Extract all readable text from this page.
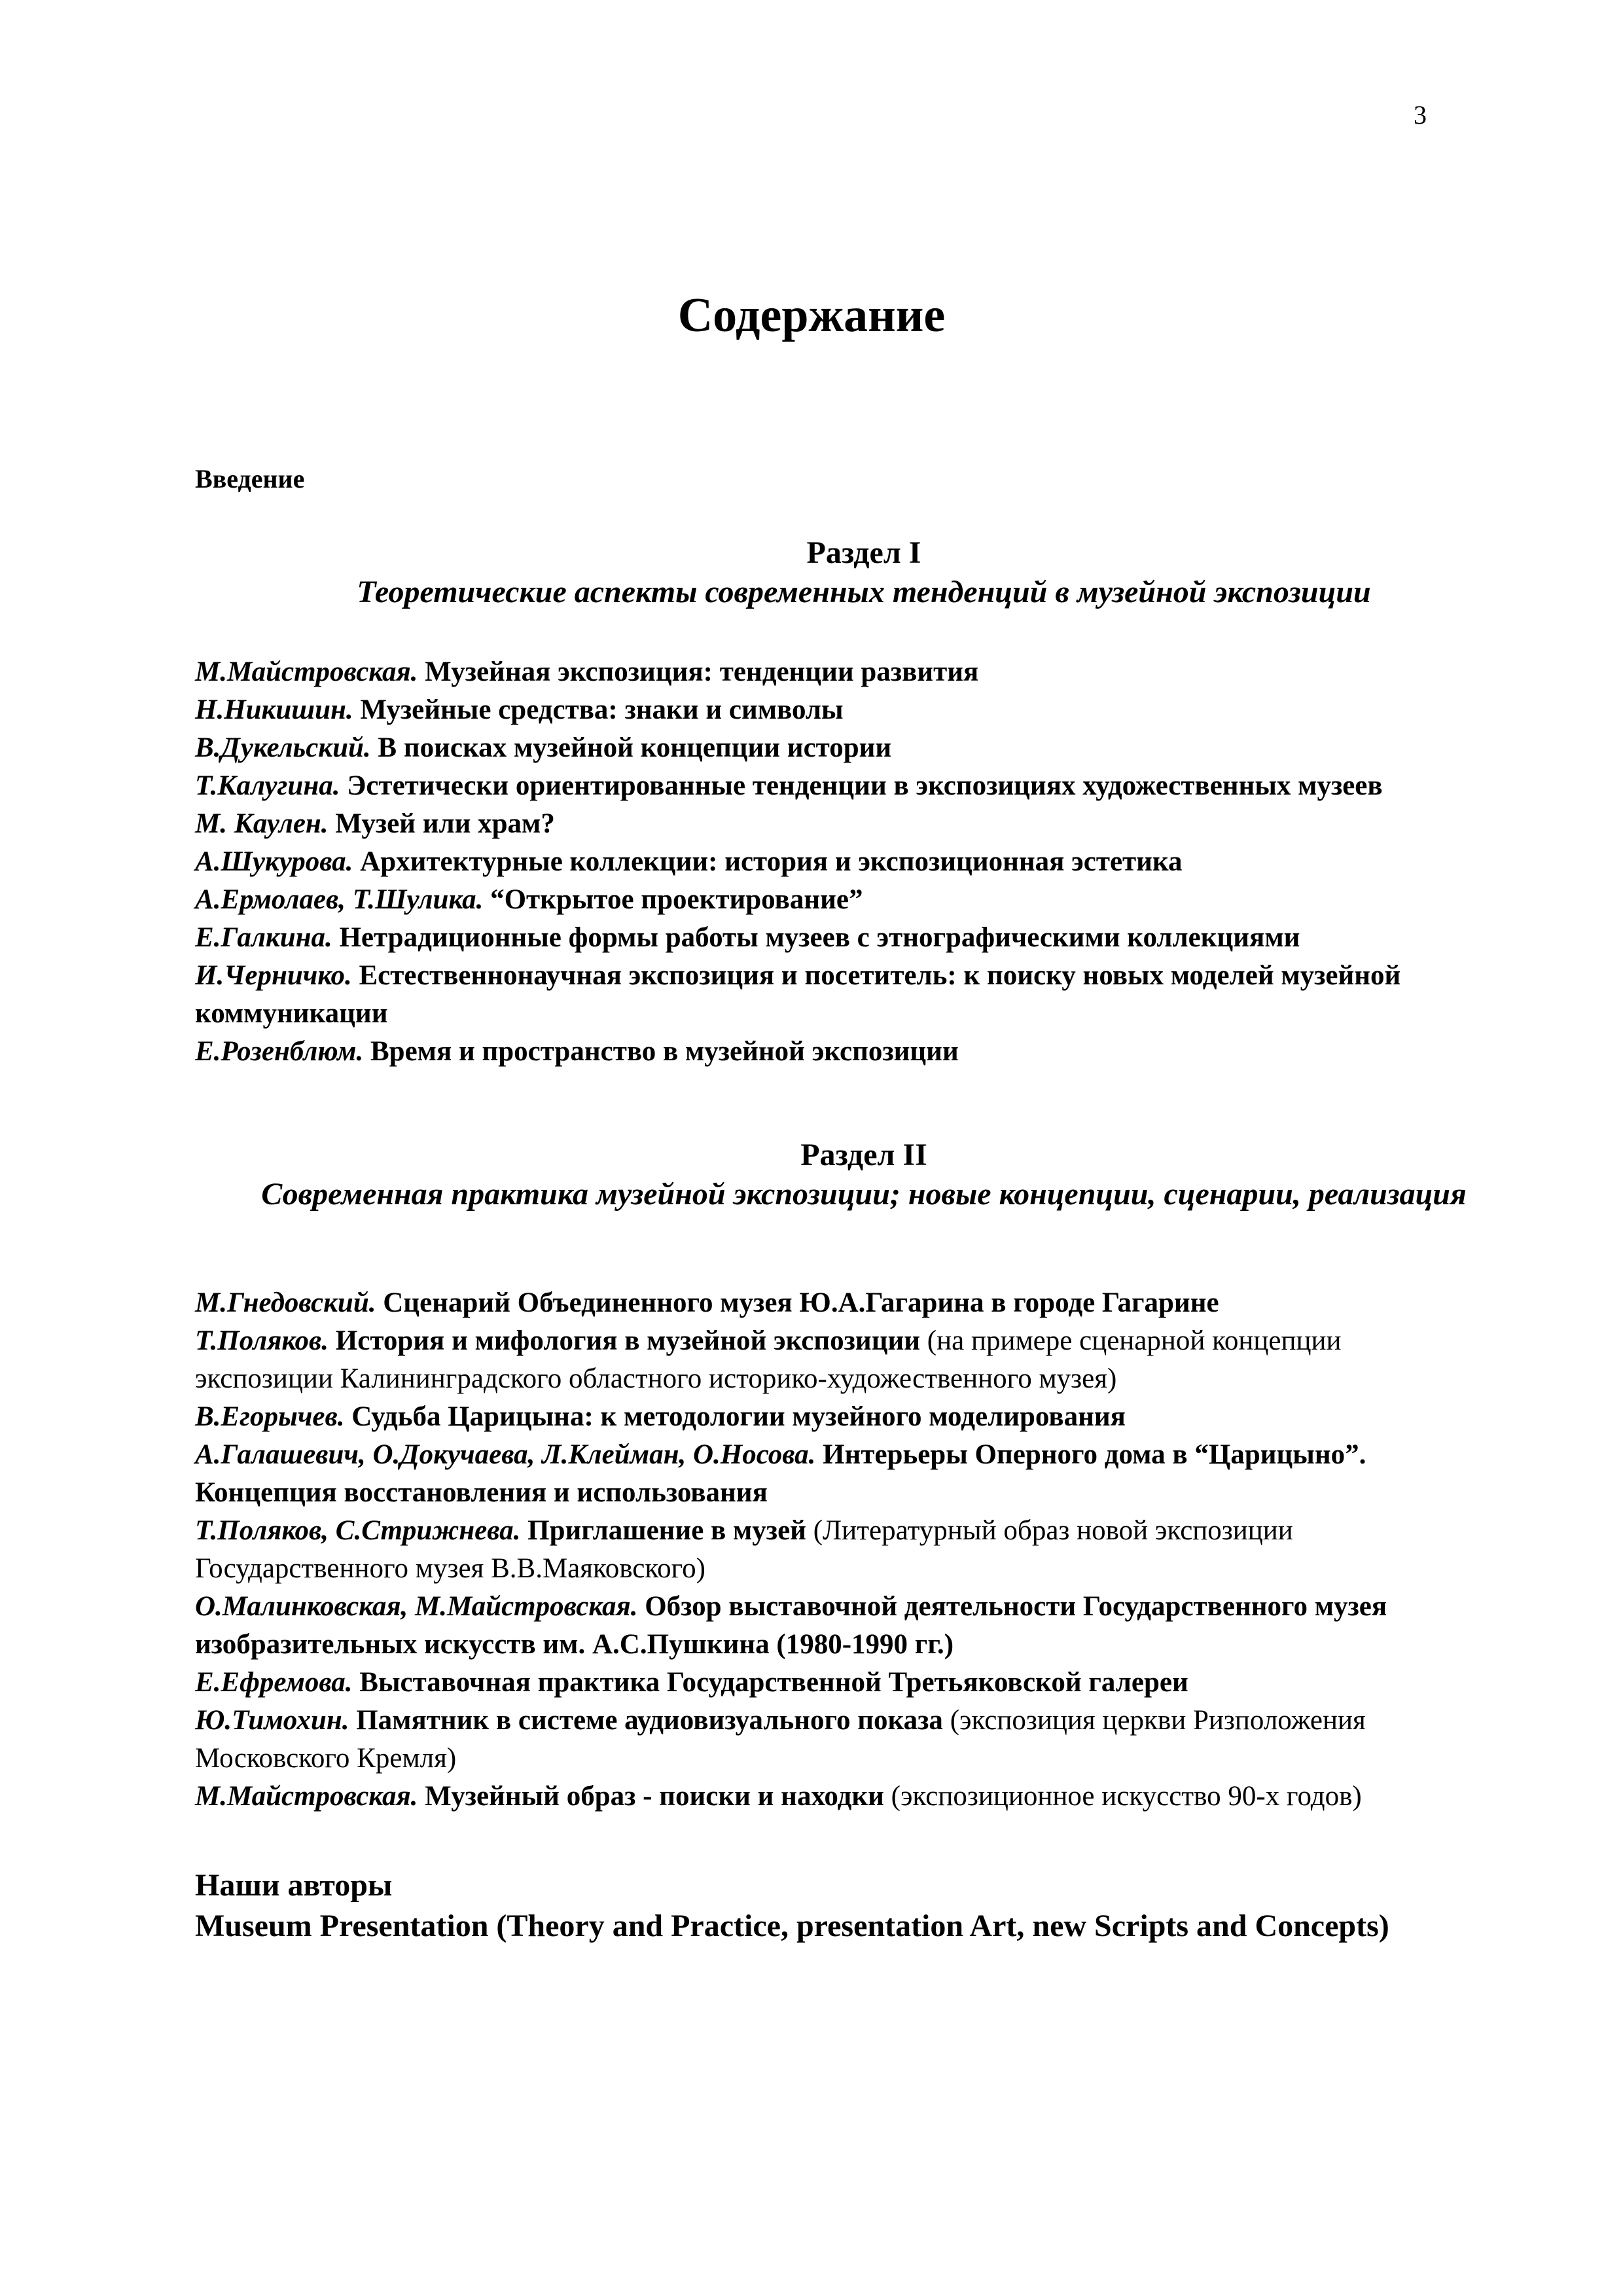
3
Содержание
Введение
Раздел I
Теоретические аспекты современных тенденций в музейной экспозиции

М.Майстровская. Музейная экспозиция: тенденции развития

Н.Никишин. Музейные средства: знаки и символы

В.Дукельский. В поисках музейной концепции истории

Т.Калугина. Эстетически ориентированные тенденции в экспозициях художественных музеев

М. Каулен. Музей или храм?

А.Шукурова. Архитектурные коллекции: история и экспозиционная эстетика

А.Ермолаев, Т.Шулика. “Открытое проектирование”

Е.Галкина. Нетрадиционные формы работы музеев с этнографическими коллекциями

И.Черничко. Естественнонаучная экспозиция и посетитель: к поиску новых моделей музейной коммуникации

Е.Розенблюм. Время и пространство в музейной экспозиции

Раздел II
Современная практика музейной экспозиции; новые концепции, сценарии, реализация

М.Гнедовский. Сценарий Объединенного музея Ю.А.Гагарина в городе Гагарине

Т.Поляков. История и мифология в музейной экспозиции (на примере сценарной концепции экспозиции Калининградского областного историко-художественного музея)

В.Егорычев. Судьба Царицына: к методологии музейного моделирования

А.Галашевич, О.Докучаева, Л.Клейман, О.Носова. Интерьеры Оперного дома в “Царицыно”. Концепция восстановления и использования

Т.Поляков, С.Стрижнева. Приглашение в музей (Литературный образ новой экспозиции Государственного музея В.В.Маяковского)

О.Малинковская, М.Майстровская. Обзор выставочной деятельности Государственного музея изобразительных искусств им. А.С.Пушкина (1980-1990 гг.)

Е.Ефремова. Выставочная практика Государственной Третьяковской галереи

Ю.Тимохин. Памятник в системе аудиовизуального показа (экспозиция церкви Ризположения Московского Кремля)

М.Майстровская. Музейный образ - поиски и находки (экспозиционное искусство 90-х годов)

Наши авторы
Museum Presentation (Theory and Practice, presentation Art, new Scripts and Concepts)
